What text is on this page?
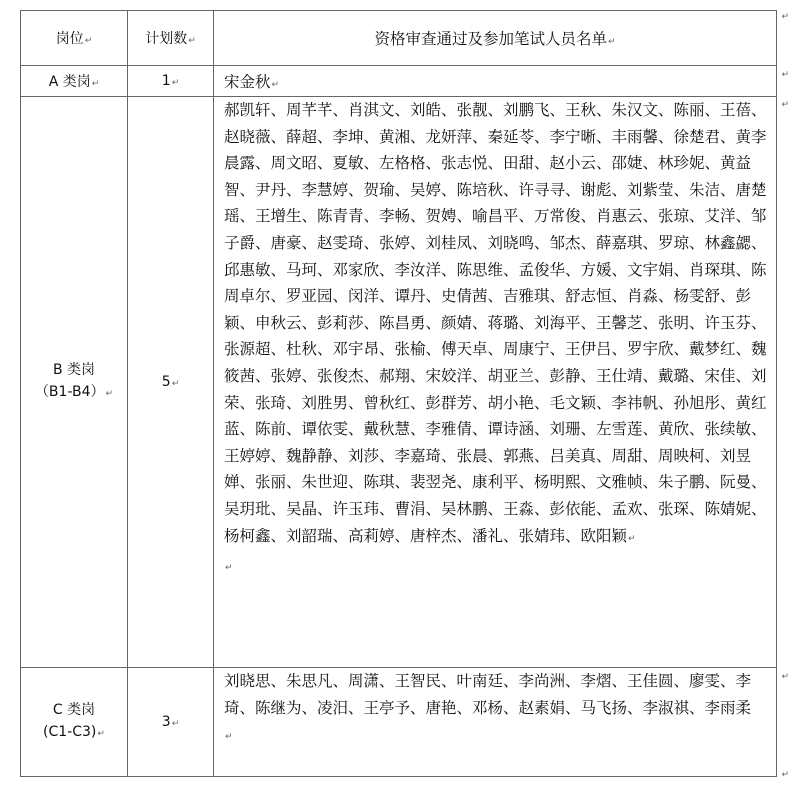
岗位↵	计划数↵	资格审查通过及参加笔试人员名单↵
A 类岗↵	1↵	宋金秋↵

B 类岗
（B1-B4）↵	5↵	郝凯轩、周芊芊、肖淇文、刘皓、张靓、刘鹏飞、王秋、朱汉文、陈丽、王蓓、赵晓薇、薛超、李坤、黄湘、龙妍萍、秦延苓、李宁晰、丰雨馨、徐楚君、黄李晨露、周文昭、夏敏、左格格、张志悦、田甜、赵小云、邵婕、林珍妮、黄益智、尹丹、李慧婷、贺瑜、吴婷、陈培秋、许寻寻、谢彪、刘紫莹、朱洁、唐楚瑶、王增生、陈青青、李畅、贺娉、喻昌平、万常俊、肖惠云、张琼、艾洋、邹子爵、唐豪、赵雯琦、张婷、刘桂凤、刘晓鸣、邹杰、薛嘉琪、罗琼、林鑫勰、邱惠敏、马珂、邓家欣、李汝洋、陈思维、孟俊华、方媛、文宇娟、肖琛琪、陈周卓尔、罗亚园、闵洋、谭丹、史倩茜、吉雅琪、舒志恒、肖淼、杨雯舒、彭颖、申秋云、彭莉莎、陈昌勇、颜婧、蒋璐、刘海平、王馨芝、张明、许玉芬、张源超、杜秋、邓宇昂、张榆、傅天卓、周康宁、王伊吕、罗宇欣、戴梦红、魏筱茜、张婷、张俊杰、郝翔、宋姣洋、胡亚兰、彭静、王仕靖、戴璐、宋佳、刘荣、张琦、刘胜男、曾秋红、彭群芳、胡小艳、毛文颖、李祎帆、孙旭彤、黄红蓝、陈前、谭依雯、戴秋慧、李雅倩、谭诗涵、刘珊、左雪莲、黄欣、张续敏、王婷婷、魏静静、刘莎、李嘉琦、张晨、郭燕、吕美真、周甜、周映柯、刘昱婵、张丽、朱世迎、陈琪、裴翌尧、康利平、杨明熙、文雅帧、朱子鹏、阮曼、吴玥玭、吴晶、许玉玮、曹涓、吴林鹏、王淼、彭依能、孟欢、张琛、陈婧妮、杨柯鑫、刘韶瑞、高莉婷、唐梓杰、潘礼、张婧玮、欧阳颖↵
↵

C 类岗
(C1-C3)↵	3↵	刘晓思、朱思凡、周潇、王智民、叶南廷、李尚洲、李熠、王佳圆、廖雯、李琦、陈继为、凌汨、王亭予、唐艳、邓杨、赵素娟、马飞扬、李淑祺、李雨柔
↵
↵
↵
↵
↵
↵
